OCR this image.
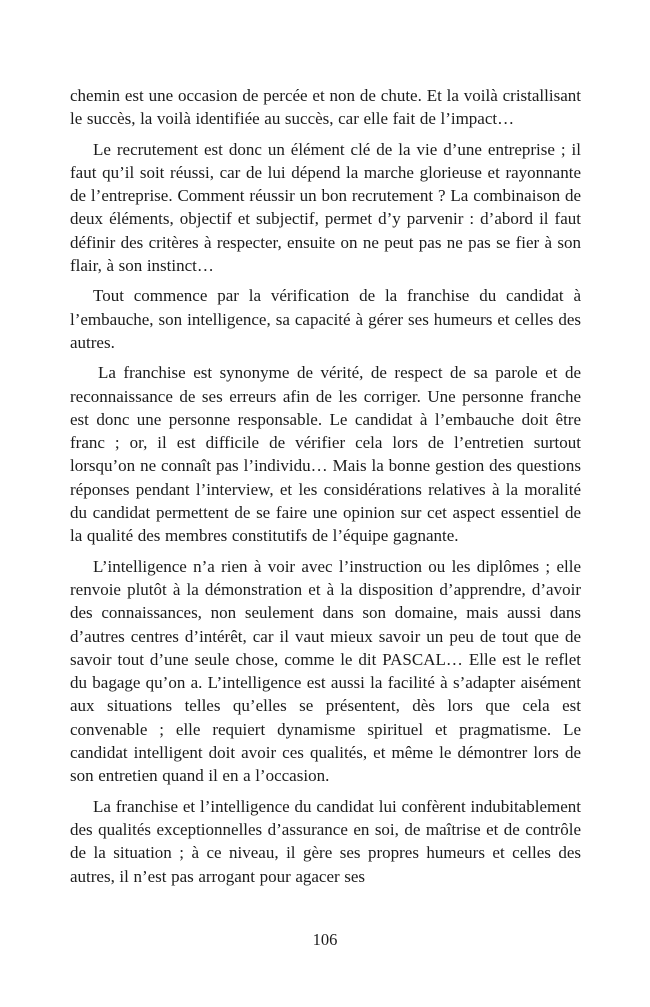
chemin est une occasion de percée et non de chute. Et la voilà cristallisant le succès, la voilà identifiée au succès, car elle fait de l’impact…

Le recrutement est donc un élément clé de la vie d’une entreprise ; il faut qu’il soit réussi, car de lui dépend la marche glorieuse et rayonnante de l’entreprise. Comment réussir un bon recrutement ? La combinaison de deux éléments, objectif et subjectif, permet d’y parvenir : d’abord il faut définir des critères à respecter, ensuite on ne peut pas ne pas se fier à son flair, à son instinct…

Tout commence par la vérification de la franchise du candidat à l’embauche, son intelligence, sa capacité à gérer ses humeurs et celles des autres.

La franchise est synonyme de vérité, de respect de sa parole et de reconnaissance de ses erreurs afin de les corriger. Une personne franche est donc une personne responsable. Le candidat à l’embauche doit être franc ; or, il est difficile de vérifier cela lors de l’entretien surtout lorsqu’on ne connaît pas l’individu… Mais la bonne gestion des questions réponses pendant l’interview, et les considérations relatives à la moralité du candidat permettent de se faire une opinion sur cet aspect essentiel de la qualité des membres constitutifs de l’équipe gagnante.

L’intelligence n’a rien à voir avec l’instruction ou les diplômes ; elle renvoie plutôt à la démonstration et à la disposition d’apprendre, d’avoir des connaissances, non seulement dans son domaine, mais aussi dans d’autres centres d’intérêt, car il vaut mieux savoir un peu de tout que de savoir tout d’une seule chose, comme le dit PASCAL… Elle est le reflet du bagage qu’on a. L’intelligence est aussi la facilité à s’adapter aisément aux situations telles qu’elles se présentent, dès lors que cela est convenable ; elle requiert dynamisme spirituel et pragmatisme. Le candidat intelligent doit avoir ces qualités, et même le démontrer lors de son entretien quand il en a l’occasion.

La franchise et l’intelligence du candidat lui confèrent indubitablement des qualités exceptionnelles d’assurance en soi, de maîtrise et de contrôle de la situation ; à ce niveau, il gère ses propres humeurs et celles des autres, il n’est pas arrogant pour agacer ses

106
